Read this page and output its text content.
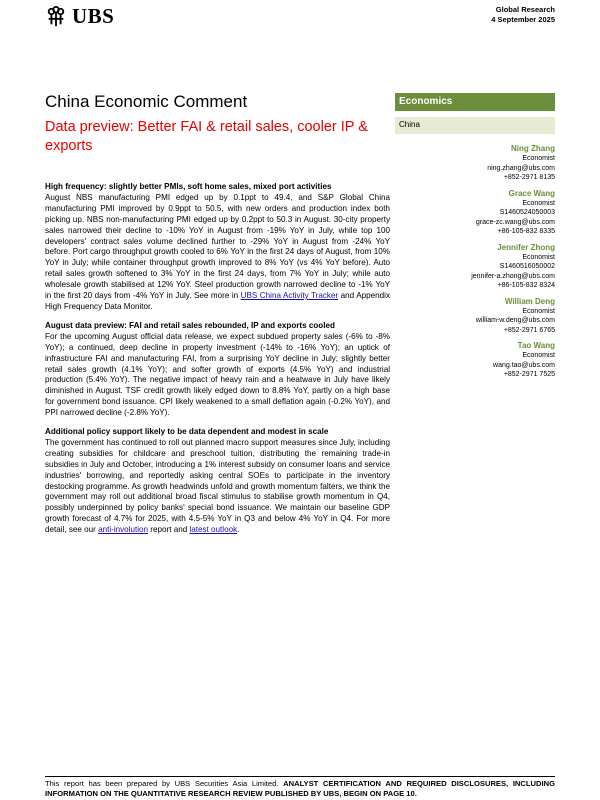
UBS	Global Research
4 September 2025
China Economic Comment
Data preview: Better FAI & retail sales, cooler IP & exports
Economics
China
Ning Zhang
Economist
ning.zhang@ubs.com
+852-2971 8135
Grace Wang
Economist
S1460524050003
grace-zc.wang@ubs.com
+86-105-832 8335
Jennifer Zhong
Economist
S1460516050002
jennifer-a.zhong@ubs.com
+86-105-832 8324
William Deng
Economist
william-w.deng@ubs.com
+852-2971 6765
Tao Wang
Economist
wang.tao@ubs.com
+852-2971 7525

High frequency: slightly better PMIs, soft home sales, mixed port activities

August NBS manufacturing PMI edged up by 0.1ppt to 49.4, and S&P Global China manufacturing PMI improved by 0.9ppt to 50.5, with new orders and production index both picking up. NBS non-manufacturing PMI edged up by 0.2ppt to 50.3 in August. 30-city property sales narrowed their decline to -10% YoY in August from -19% YoY in July, while top 100 developers' contract sales volume declined further to -29% YoY in August from -24% YoY before. Port cargo throughput growth cooled to 6% YoY in the first 24 days of August, from 10% YoY in July; while container throughput growth improved to 8% YoY (vs 4% YoY before). Auto retail sales growth softened to 3% YoY in the first 24 days, from 7% YoY in July; while auto wholesale growth stabilised at 12% YoY. Steel production growth narrowed decline to -1% YoY in the first 20 days from -4% YoY in July. See more in UBS China Activity Tracker and Appendix High Frequency Data Monitor.

August data preview: FAI and retail sales rebounded, IP and exports cooled

For the upcoming August official data release, we expect subdued property sales (-6% to -8% YoY); a continued, deep decline in property investment (-14% to -16% YoY); an uptick of infrastructure FAI and manufacturing FAI, from a surprising YoY decline in July; slightly better retail sales growth (4.1% YoY); and softer growth of exports (4.5% YoY) and industrial production (5.4% YoY). The negative impact of heavy rain and a heatwave in July have likely diminished in August. TSF credit growth likely edged down to 8.8% YoY, partly on a high base for government bond issuance. CPI likely weakened to a small deflation again (-0.2% YoY), and PPI narrowed decline (-2.8% YoY).

Additional policy support likely to be data dependent and modest in scale

The government has continued to roll out planned macro support measures since July, including creating subsidies for childcare and preschool tuition, distributing the remaining trade-in subsidies in July and October, introducing a 1% interest subsidy on consumer loans and service industries' borrowing, and reportedly asking central SOEs to participate in the inventory destocking programme. As growth headwinds unfold and growth momentum falters, we think the government may roll out additional broad fiscal stimulus to stabilise growth momentum in Q4, possibly underpinned by policy banks' special bond issuance. We maintain our baseline GDP growth forecast of 4.7% for 2025, with 4.5-5% YoY in Q3 and below 4% YoY in Q4. For more detail, see our anti-involution report and latest outlook.

This report has been prepared by UBS Securities Asia Limited. ANALYST CERTIFICATION AND REQUIRED DISCLOSURES, INCLUDING INFORMATION ON THE QUANTITATIVE RESEARCH REVIEW PUBLISHED BY UBS, BEGIN ON PAGE 10.
